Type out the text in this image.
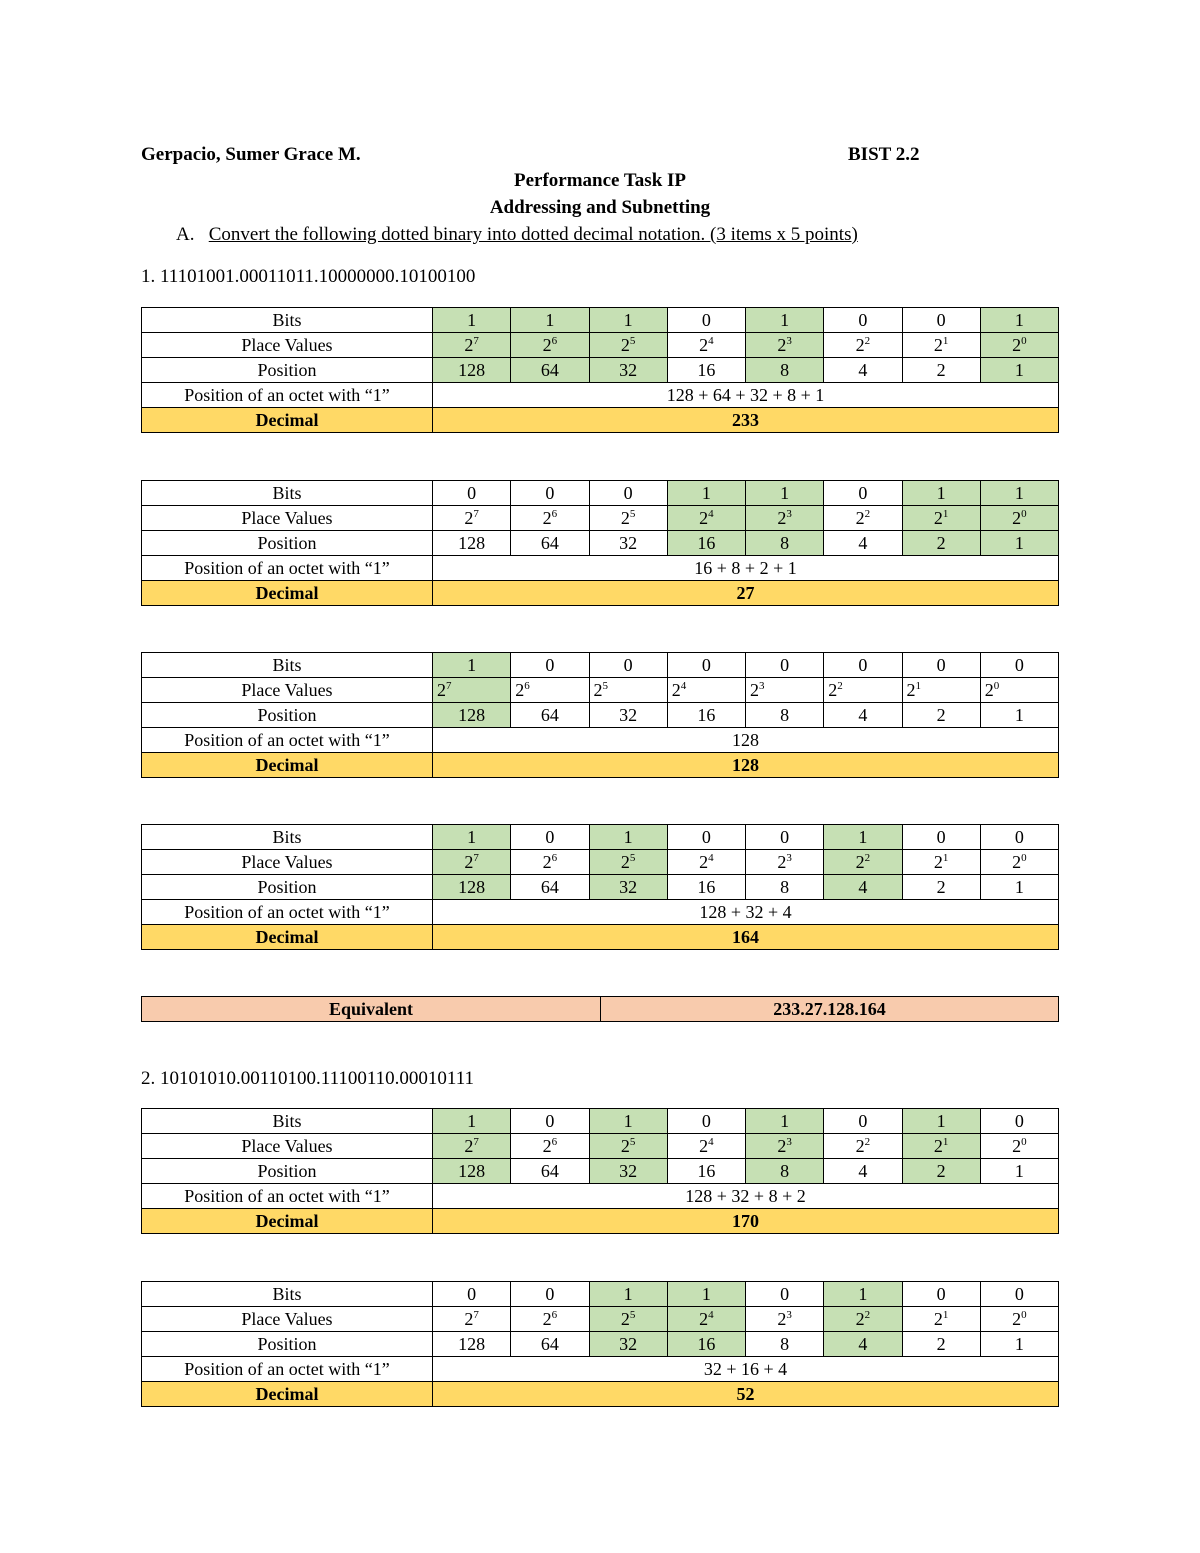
Gerpacio, Sumer Grace M.	BIST 2.2
Performance Task IP
Addressing and Subnetting
A. Convert the following dotted binary into dotted decimal notation. (3 items x 5 points)
1. 11101001.00011011.10000000.10100100
Bits	1	1	1	0	1	0	0	1
Place Values	$2^7$	$2^6$	$2^5$	$2^4$	$2^3$	$2^2$	$2^1$	$2^0$
Position	128	64	32	16	8	4	2	1
Position of an octet with “1”	128 + 64 + 32 + 8 + 1							
Decimal	233							
Bits	0	0	0	1	1	0	1	1
Place Values	$2^7$	$2^6$	$2^5$	$2^4$	$2^3$	$2^2$	$2^1$	$2^0$
Position	128	64	32	16	8	4	2	1
Position of an octet with “1”	16 + 8 + 2 + 1							
Decimal	27							
Bits	1	0	0	0	0	0	0	0
Place Values	$2^7$	$2^6$	$2^5$	$2^4$	$2^3$	$2^2$	$2^1$	$2^0$
Position	128	64	32	16	8	4	2	1
Position of an octet with “1”	128							
Decimal	128							
Bits	1	0	1	0	0	1	0	0
Place Values	$2^7$	$2^6$	$2^5$	$2^4$	$2^3$	$2^2$	$2^1$	$2^0$
Position	128	64	32	16	8	4	2	1
Position of an octet with “1”	128 + 32 + 4							
Decimal	164							
Bits	1	0	1	0	1	0	1	0
Place Values	$2^7$	$2^6$	$2^5$	$2^4$	$2^3$	$2^2$	$2^1$	$2^0$
Position	128	64	32	16	8	4	2	1
Position of an octet with “1”	128 + 32 + 8 + 2							
Decimal	170							
Bits	0	0	1	1	0	1	0	0
Place Values	$2^7$	$2^6$	$2^5$	$2^4$	$2^3$	$2^2$	$2^1$	$2^0$
Position	128	64	32	16	8	4	2	1
Position of an octet with “1”	32 + 16 + 4							
Decimal	52							
Equivalent	233.27.128.164
2. 10101010.00110100.11100110.00010111
